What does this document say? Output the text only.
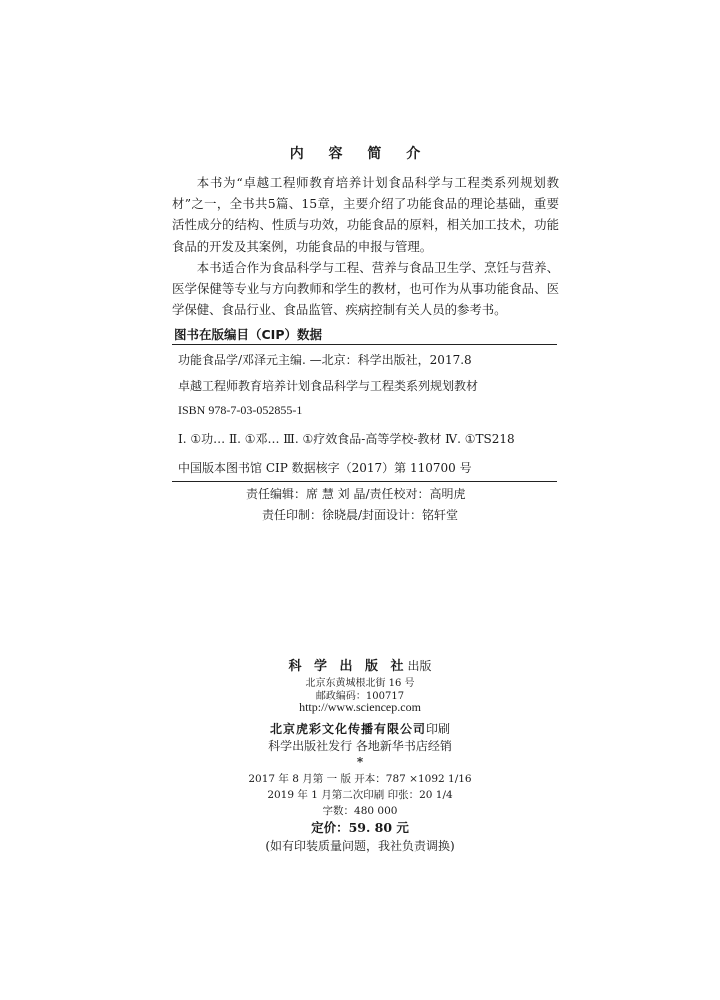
内 容 简 介

本书为“卓越工程师教育培养计划食品科学与工程类系列规划教材”之一，全书共5篇、15章，主要介绍了功能食品的理论基础，重要活性成分的结构、性质与功效，功能食品的原料，相关加工技术，功能食品的开发及其案例，功能食品的申报与管理。

本书适合作为食品科学与工程、营养与食品卫生学、烹饪与营养、医学保健等专业与方向教师和学生的教材，也可作为从事功能食品、医学保健、食品行业、食品监管、疾病控制有关人员的参考书。

图书在版编目（CIP）数据
功能食品学/邓泽元主编. —北京：科学出版社，2017.8
卓越工程师教育培养计划食品科学与工程类系列规划教材
ISBN 978-7-03-052855-1
Ⅰ. ①功… Ⅱ. ①邓… Ⅲ. ①疗效食品-高等学校-教材 Ⅳ. ①TS218
中国版本图书馆 CIP 数据核字（2017）第 110700 号
责任编辑：席 慧 刘 晶/责任校对：高明虎
责任印制：徐晓晨/封面设计：铭轩堂
科 学 出 版 社出版
北京东黄城根北街 16 号
邮政编码：100717
http://www.sciencep.com
北京虎彩文化传播有限公司印刷
科学出版社发行 各地新华书店经销
*
2017 年 8 月第 一 版 开本：787 ×1092 1/16
2019 年 1 月第二次印刷 印张：20 1/4
字数：480 000
定价：59. 80 元
(如有印装质量问题，我社负责调换)
